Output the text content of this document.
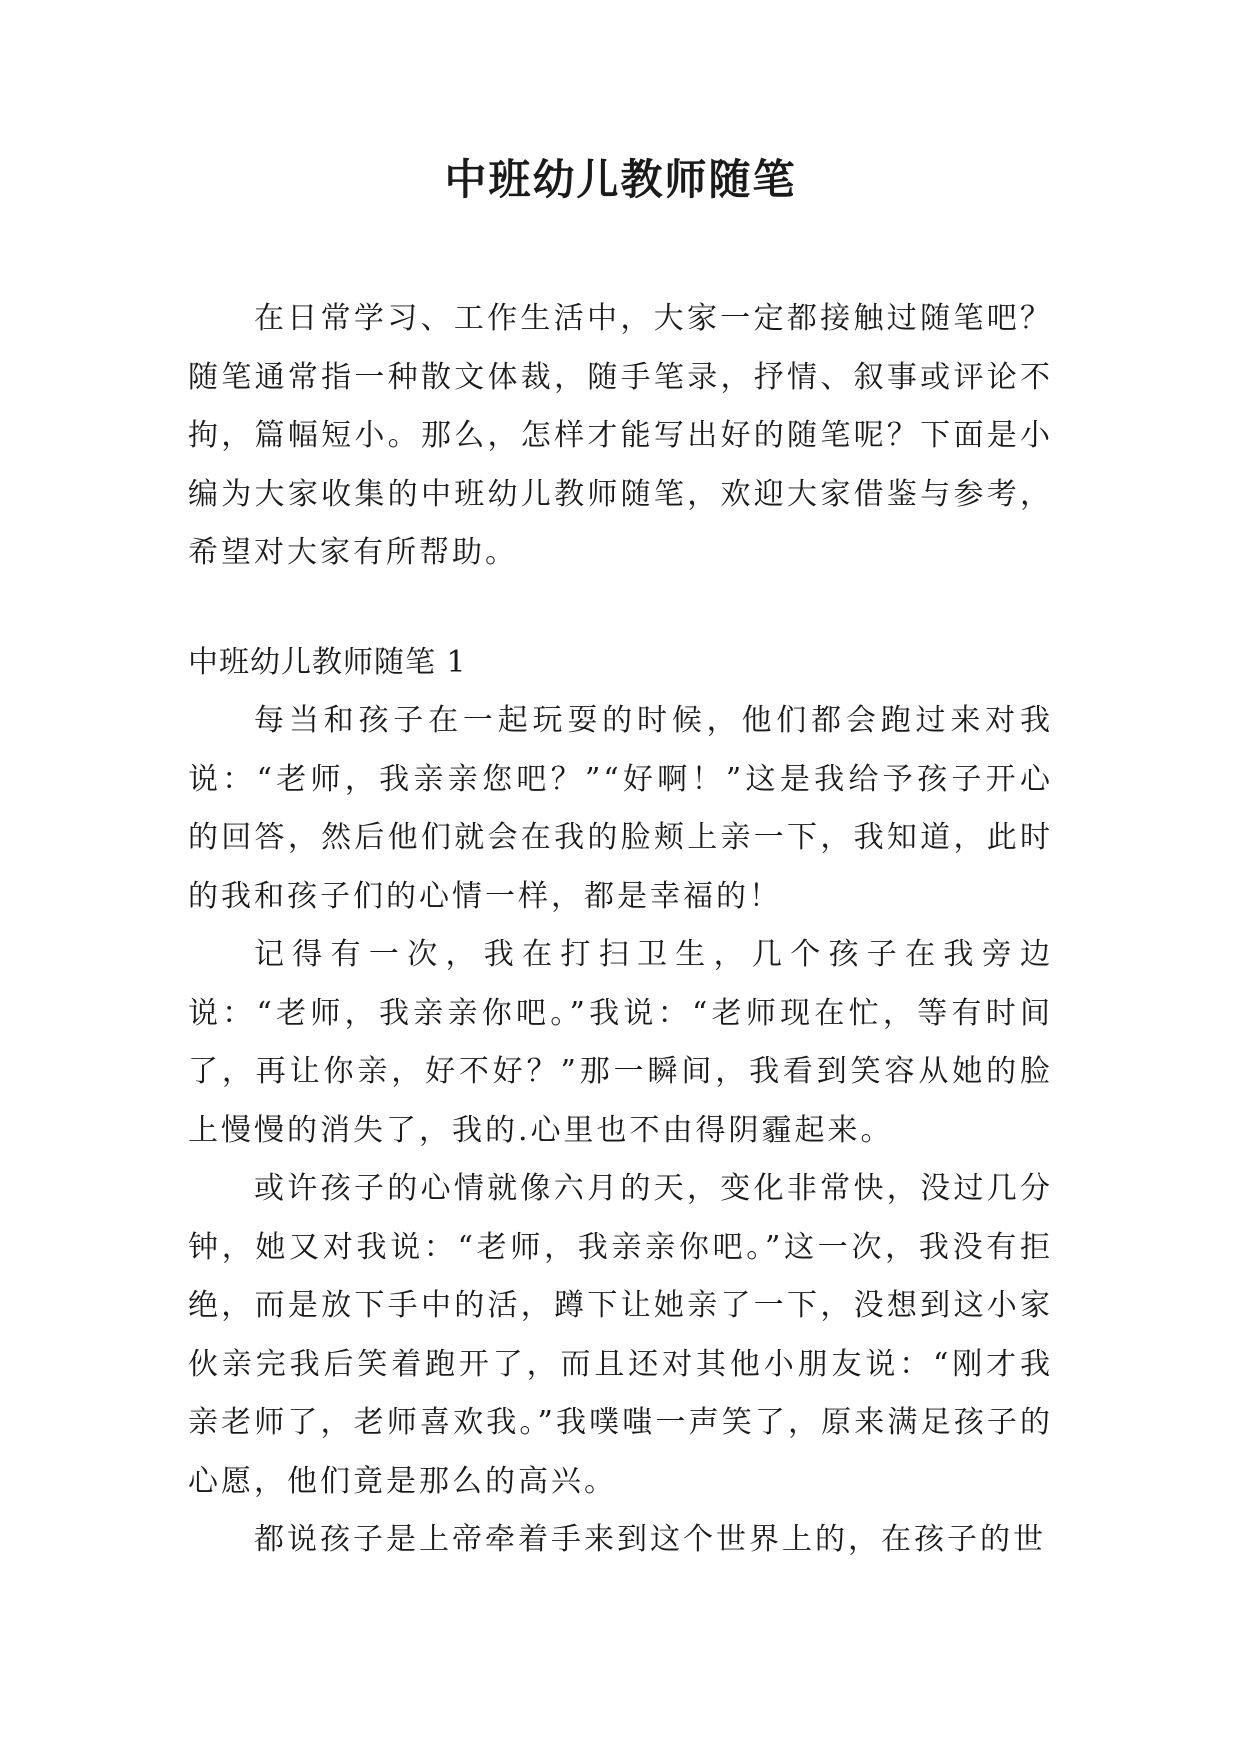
中班幼儿教师随笔

在日常学习、工作生活中，大家一定都接触过随笔吧？随笔通常指一种散文体裁，随手笔录，抒情、叙事或评论不拘，篇幅短小。那么，怎样才能写出好的随笔呢？下面是小编为大家收集的中班幼儿教师随笔，欢迎大家借鉴与参考，希望对大家有所帮助。

中班幼儿教师随笔 1

每当和孩子在一起玩耍的时候，他们都会跑过来对我说：“老师，我亲亲您吧？”“好啊！”这是我给予孩子开心的回答，然后他们就会在我的脸颊上亲一下，我知道，此时的我和孩子们的心情一样，都是幸福的！

记得有一次，我在打扫卫生，几个孩子在我旁边说：“老师，我亲亲你吧。”我说：“老师现在忙，等有时间了，再让你亲，好不好？”那一瞬间，我看到笑容从她的脸上慢慢的消失了，我的.心里也不由得阴霾起来。

或许孩子的心情就像六月的天，变化非常快，没过几分钟，她又对我说：“老师，我亲亲你吧。”这一次，我没有拒绝，而是放下手中的活，蹲下让她亲了一下，没想到这小家伙亲完我后笑着跑开了，而且还对其他小朋友说：“刚才我亲老师了，老师喜欢我。”我噗嗤一声笑了，原来满足孩子的心愿，他们竟是那么的高兴。

都说孩子是上帝牵着手来到这个世界上的，在孩子的世
